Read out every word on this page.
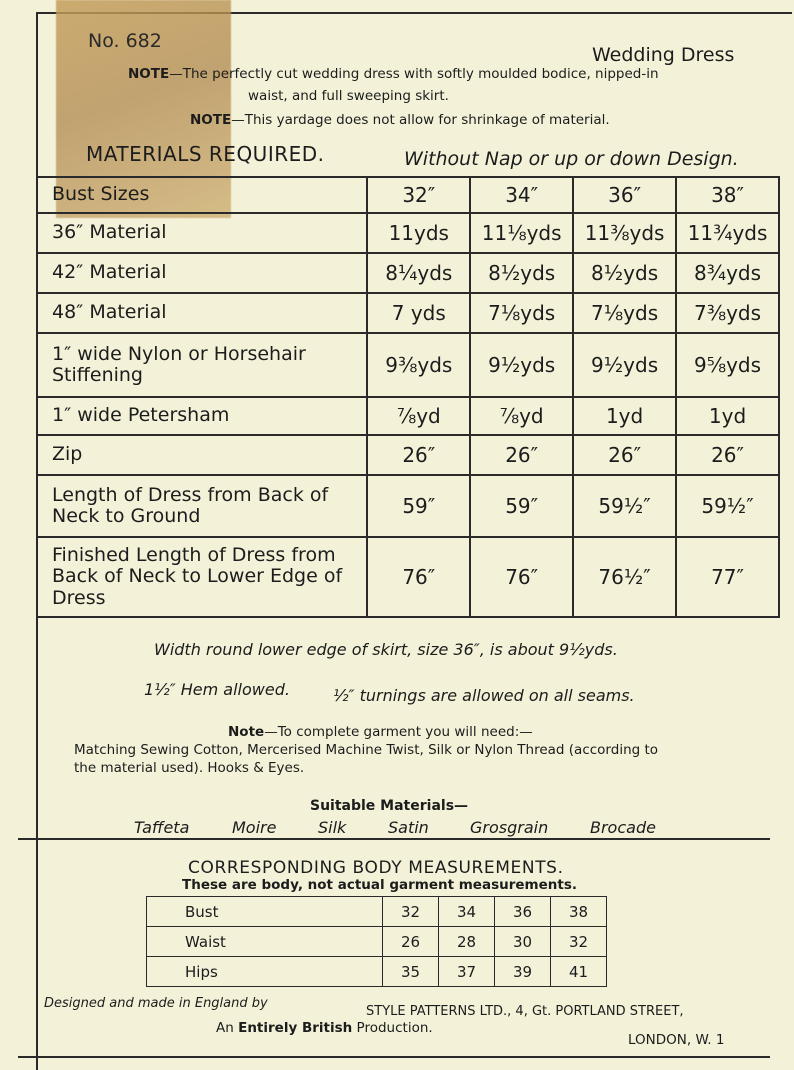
No. 682
Wedding Dress
NOTE—The perfectly cut wedding dress with softly moulded bodice, nipped-in
waist, and full sweeping skirt.
NOTE—This yardage does not allow for shrinkage of material.
MATERIALS REQUIRED.	Without Nap or up or down Design.
Bust Sizes	32″	34″	36″	38″
36″ Material	11yds	11⅛yds	11⅜yds	11¾yds
42″ Material	8¼yds	8½yds	8½yds	8¾yds
48″ Material	7 yds	7⅛yds	7⅛yds	7⅜yds
1″ wide Nylon or Horsehair Stiffening	9⅜yds	9½yds	9½yds	9⅝yds
1″ wide Petersham	⅞yd	⅞yd	1yd	1yd
Zip	26″	26″	26″	26″
Length of Dress from Back of Neck to Ground	59″	59″	59½″	59½″
Finished Length of Dress from Back of Neck to Lower Edge of Dress	76″	76″	76½″	77″
Width round lower edge of skirt, size 36″, is about 9½yds.
1½″ Hem allowed.	½″ turnings are allowed on all seams.
Note—To complete garment you will need:—
Matching Sewing Cotton, Mercerised Machine Twist, Silk or Nylon Thread (according to
the material used). Hooks & Eyes.
Suitable Materials—
Taffeta	Moire	Silk	Satin	Grosgrain	Brocade
CORRESPONDING BODY MEASUREMENTS.
These are body, not actual garment measurements.
Bust	32	34	36	38
Waist	26	28	30	32
Hips	35	37	39	41
Designed and made in England by
STYLE PATTERNS LTD., 4, Gt. PORTLAND STREET,
An Entirely British Production.
LONDON, W. 1
